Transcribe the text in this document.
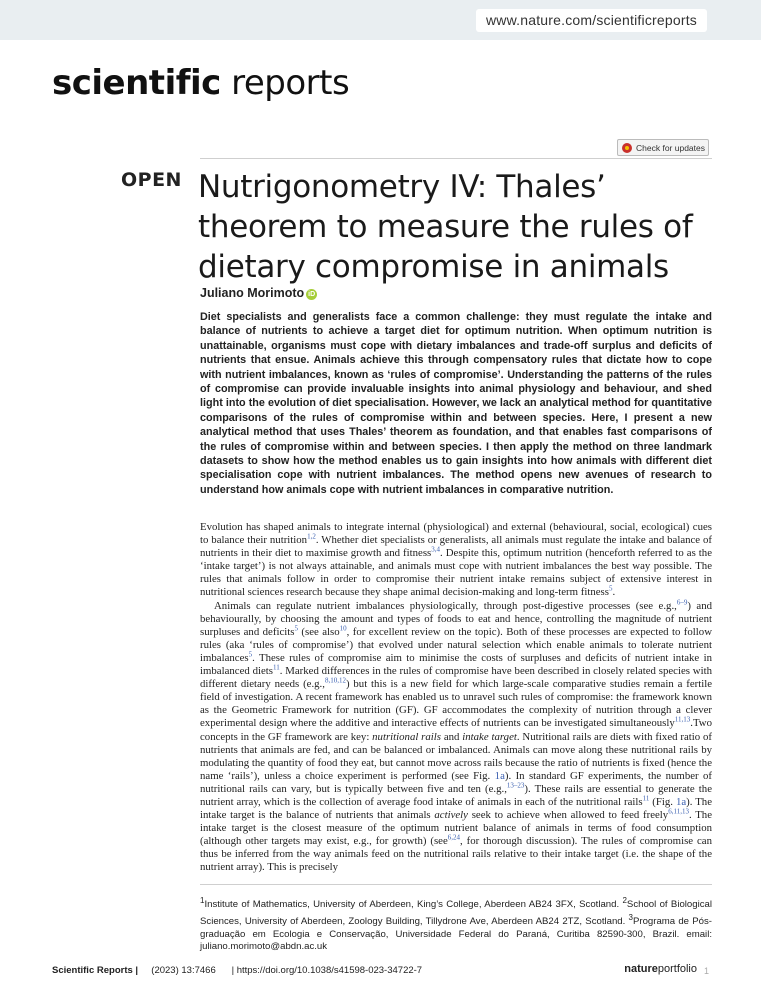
www.nature.com/scientificreports
scientific reports
Check for updates
OPEN Nutrigonometry IV: Thales’ theorem to measure the rules of dietary compromise in animals
Juliano Morimoto iD

Diet specialists and generalists face a common challenge: they must regulate the intake and balance of nutrients to achieve a target diet for optimum nutrition. When optimum nutrition is unattainable, organisms must cope with dietary imbalances and trade-off surplus and deficits of nutrients that ensue. Animals achieve this through compensatory rules that dictate how to cope with nutrient imbalances, known as ‘rules of compromise’. Understanding the patterns of the rules of compromise can provide invaluable insights into animal physiology and behaviour, and shed light into the evolution of diet specialisation. However, we lack an analytical method for quantitative comparisons of the rules of compromise within and between species. Here, I present a new analytical method that uses Thales’ theorem as foundation, and that enables fast comparisons of the rules of compromise within and between species. I then apply the method on three landmark datasets to show how the method enables us to gain insights into how animals with different diet specialisation cope with nutrient imbalances. The method opens new avenues of research to understand how animals cope with nutrient imbalances in comparative nutrition.

Evolution has shaped animals to integrate internal (physiological) and external (behavioural, social, ecological) cues to balance their nutrition$^{1,2}$. Whether diet specialists or generalists, all animals must regulate the intake and balance of nutrients in their diet to maximise growth and fitness$^{3,4}$. Despite this, optimum nutrition (henceforth referred to as the ‘intake target’) is not always attainable, and animals must cope with nutrient imbalances the best way possible. The rules that animals follow in order to compromise their nutrient intake remains subject of extensive interest in nutritional sciences research because they shape animal decision-making and long-term fitness$^5$.

Animals can regulate nutrient imbalances physiologically, through post-digestive processes (see e.g.,$^{6-9}$) and behaviourally, by choosing the amount and types of foods to eat and hence, controlling the magnitude of nutrient surpluses and deficits$^5$ (see also$^{10}$, for excellent review on the topic). Both of these processes are expected to follow rules (aka ‘rules of compromise’) that evolved under natural selection which enable animals to tolerate nutrient imbalances$^5$. These rules of compromise aim to minimise the costs of surpluses and deficits of nutrient intake in imbalanced diets$^{11}$. Marked differences in the rules of compromise have been described in closely related species with different dietary needs (e.g.,$^{8,10,12}$) but this is a new field for which large-scale comparative studies remain a fertile field of investigation. A recent framework has enabled us to unravel such rules of compromise: the framework known as the Geometric Framework for nutrition (GF). GF accommodates the complexity of nutrition through a clever experimental design where the additive and interactive effects of nutrients can be investigated simultaneously$^{11,13}$.Two concepts in the GF framework are key: nutritional rails and intake target. Nutritional rails are diets with fixed ratio of nutrients that animals are fed, and can be balanced or imbalanced. Animals can move along these nutritional rails by modulating the quantity of food they eat, but cannot move across rails because the ratio of nutrients is fixed (hence the name ‘rails’), unless a choice experiment is performed (see Fig. 1a). In standard GF experiments, the number of nutritional rails can vary, but is typically between five and ten (e.g.,$^{13-23}$). These rails are essential to generate the nutrient array, which is the collection of average food intake of animals in each of the nutritional rails$^{11}$ (Fig. 1a). The intake target is the balance of nutrients that animals actively seek to achieve when allowed to feed freely$^{6,11,13}$. The intake target is the closest measure of the optimum nutrient balance of animals in terms of food consumption (although other targets may exist, e.g., for growth) (see$^{6,24}$, for thorough discussion). The rules of compromise can thus be inferred from the way animals feed on the nutritional rails relative to their intake target (i.e. the shape of the nutrient array). This is precisely

$^1$Institute of Mathematics, University of Aberdeen, King’s College, Aberdeen AB24 3FX, Scotland. $^2$School of Biological Sciences, University of Aberdeen, Zoology Building, Tillydrone Ave, Aberdeen AB24 2TZ, Scotland. $^3$Programa de Pós-graduação em Ecologia e Conservação, Universidade Federal do Paraná, Curitiba 82590-300, Brazil. email: juliano.morimoto@abdn.ac.uk

Scientific Reports | (2023) 13:7466 | https://doi.org/10.1038/s41598-023-34722-7	natureportfolio 1
